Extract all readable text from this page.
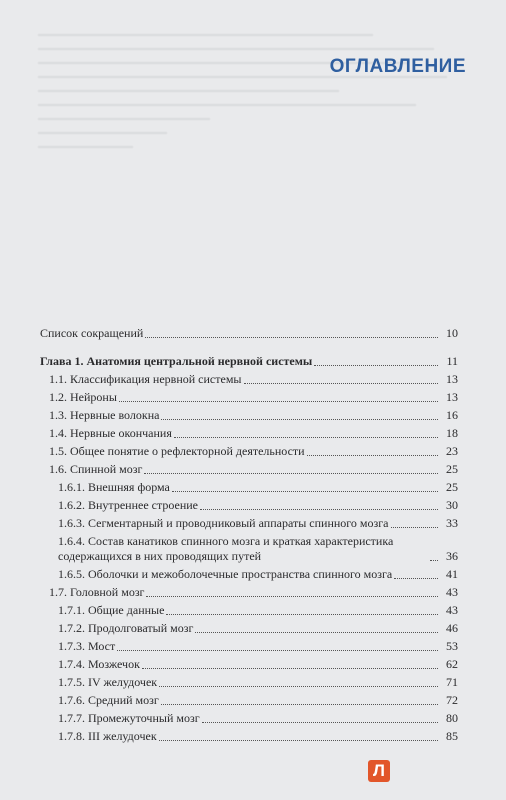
ОГЛАВЛЕНИЕ
Список сокращений	10
Глава 1. Анатомия центральной нервной системы	11
1.1. Классификация нервной системы	13
1.2. Нейроны	13
1.3. Нервные волокна	16
1.4. Нервные окончания	18
1.5. Общее понятие о рефлекторной деятельности	23
1.6. Спинной мозг	25
1.6.1. Внешняя форма	25
1.6.2. Внутреннее строение	30
1.6.3. Сегментарный и проводниковый аппараты спинного мозга	33
1.6.4. Состав канатиков спинного мозга и краткая характеристика содержащихся в них проводящих путей	36
1.6.5. Оболочки и межоболочечные пространства спинного мозга	41
1.7. Головной мозг	43
1.7.1. Общие данные	43
1.7.2. Продолговатый мозг	46
1.7.3. Мост	53
1.7.4. Мозжечок	62
1.7.5. IV желудочек	71
1.7.6. Средний мозг	72
1.7.7. Промежуточный мозг	80
1.7.8. III желудочек	85
Л
